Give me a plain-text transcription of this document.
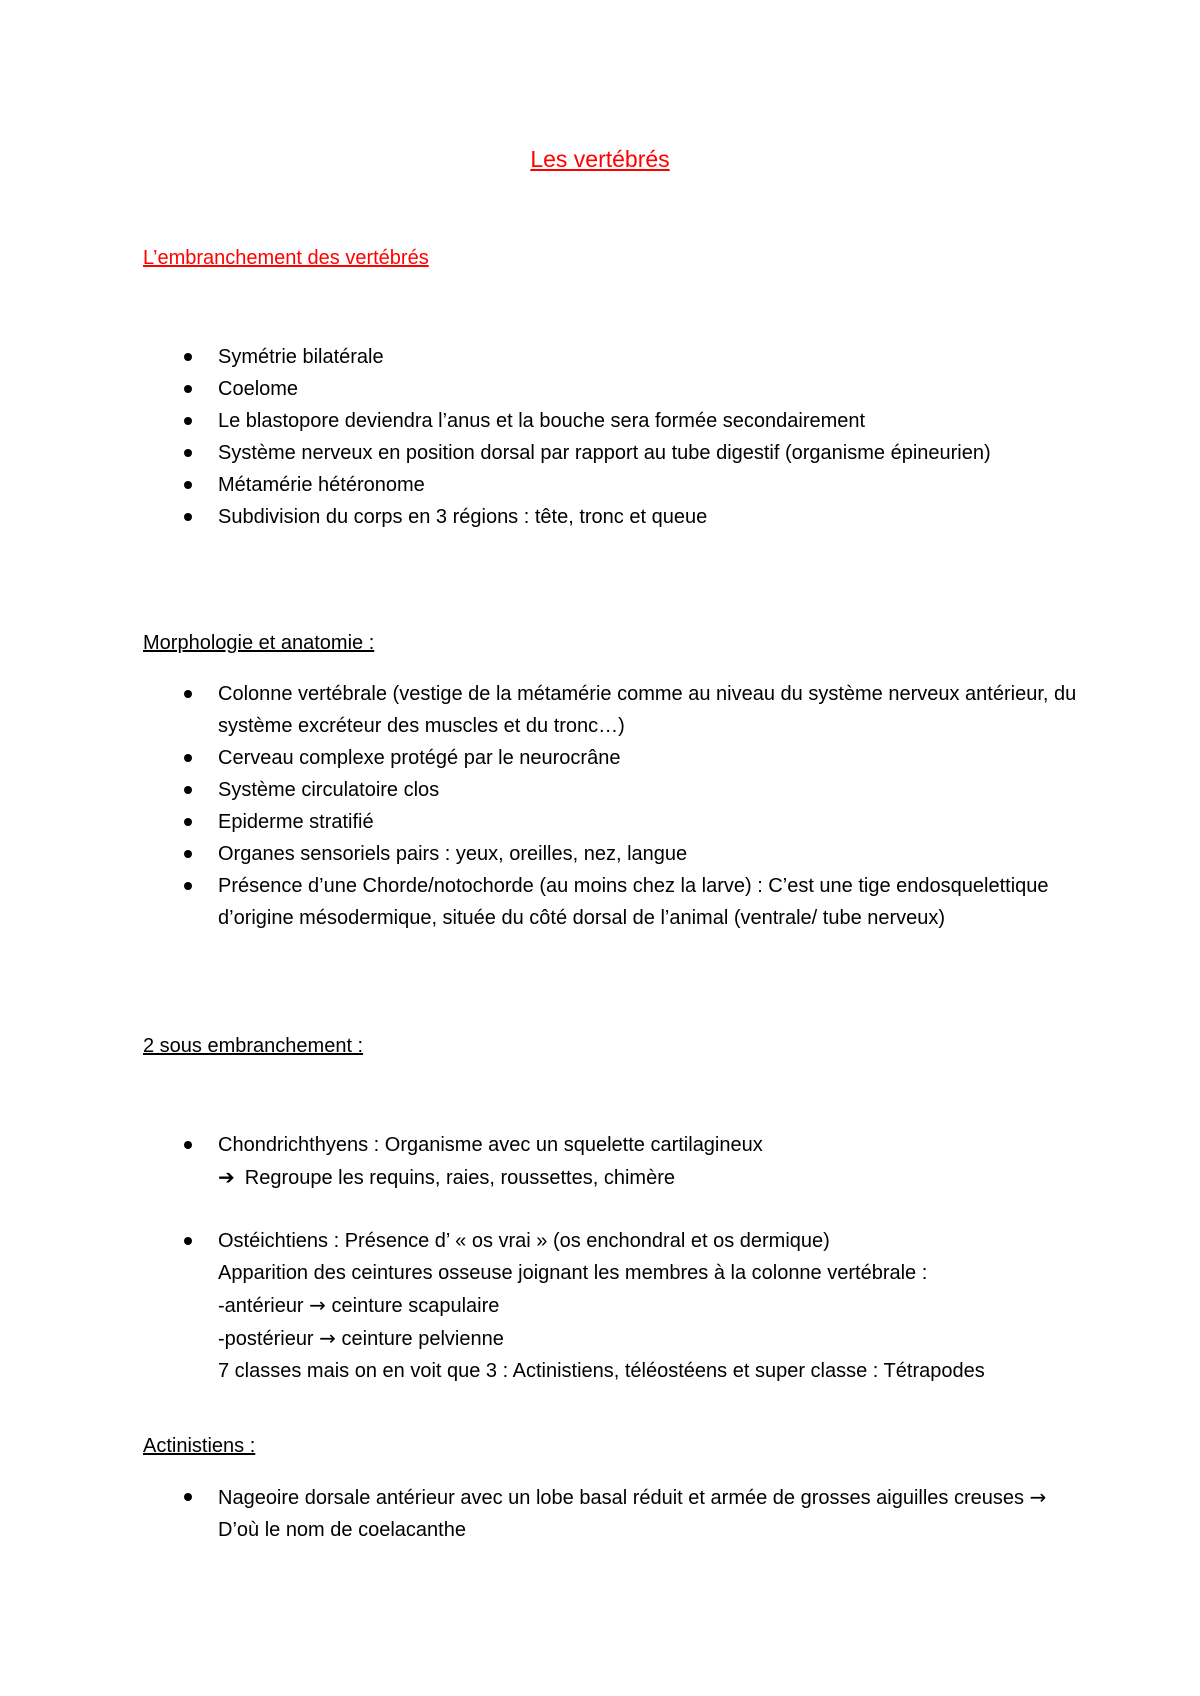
Les vertébrés
L’embranchement des vertébrés
Symétrie bilatérale
Coelome
Le blastopore deviendra l’anus et la bouche sera formée secondairement
Système nerveux en position dorsal par rapport au tube digestif (organisme épineurien)
Métamérie hétéronome
Subdivision du corps en 3 régions : tête, tronc et queue
Morphologie et anatomie :
Colonne vertébrale (vestige de la métamérie comme au niveau du système nerveux antérieur, du système excréteur des muscles et du tronc…)
Cerveau complexe protégé par le neurocrâne
Système circulatoire clos
Epiderme stratifié
Organes sensoriels pairs : yeux, oreilles, nez, langue
Présence d’une Chorde/notochorde (au moins chez la larve) : C’est une tige endosquelettique d’origine mésodermique, située du côté dorsal de l’animal (ventrale/ tube nerveux)
2 sous embranchement :
Chondrichthyens : Organisme avec un squelette cartilagineux
➔ Regroupe les requins, raies, roussettes, chimère
Ostéichtiens : Présence d’ « os vrai » (os enchondral et os dermique)
Apparition des ceintures osseuse joignant les membres à la colonne vertébrale :
-antérieur → ceinture scapulaire
-postérieur → ceinture pelvienne
7 classes mais on en voit que 3 : Actinistiens, téléostéens et super classe : Tétrapodes
Actinistiens :
Nageoire dorsale antérieur avec un lobe basal réduit et armée de grosses aiguilles creuses → D’où le nom de coelacanthe
